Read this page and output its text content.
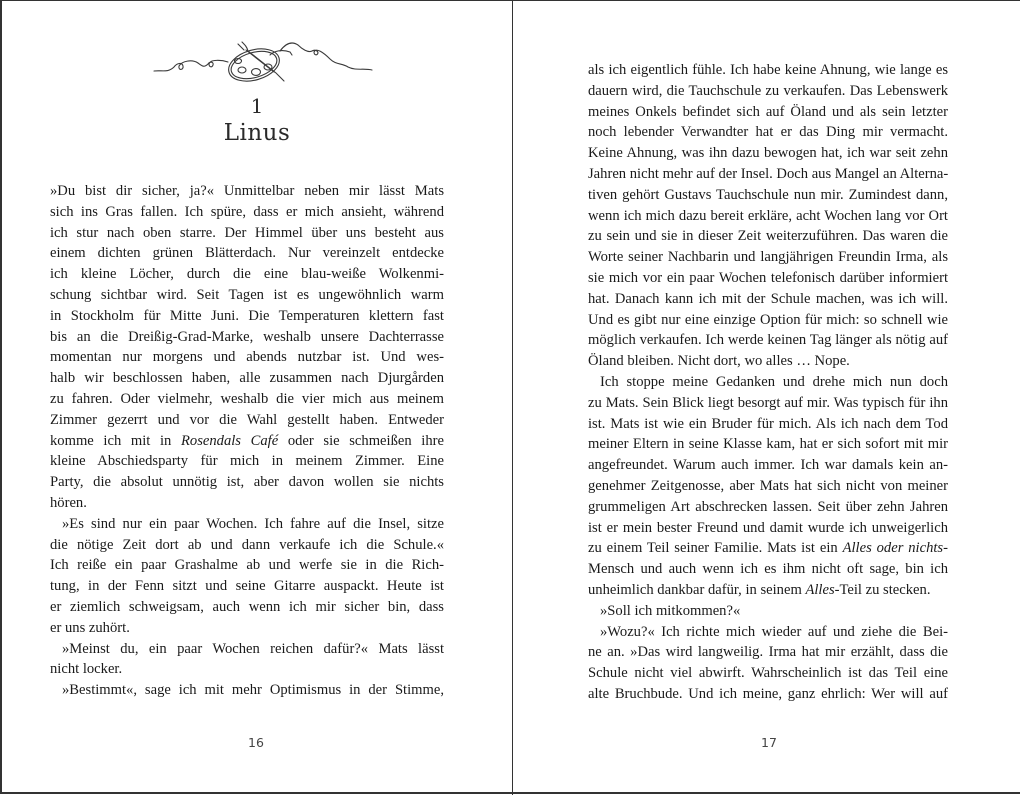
1
Linus
»Du bist dir sicher, ja?« Unmittelbar neben mir lässt Mats
sich ins Gras fallen. Ich spüre, dass er mich ansieht, während
ich stur nach oben starre. Der Himmel über uns besteht aus
einem dichten grünen Blätterdach. Nur vereinzelt entdecke
ich kleine Löcher, durch die eine blau-weiße Wolkenmi-
schung sichtbar wird. Seit Tagen ist es ungewöhnlich warm
in Stockholm für Mitte Juni. Die Temperaturen klettern fast
bis an die Dreißig-Grad-Marke, weshalb unsere Dachterrasse
momentan nur morgens und abends nutzbar ist. Und wes-
halb wir beschlossen haben, alle zusammen nach Djurgården
zu fahren. Oder vielmehr, weshalb die vier mich aus meinem
Zimmer gezerrt und vor die Wahl gestellt haben. Entweder
komme ich mit in Rosendals Café oder sie schmeißen ihre
kleine Abschiedsparty für mich in meinem Zimmer. Eine
Party, die absolut unnötig ist, aber davon wollen sie nichts
hören.
»Es sind nur ein paar Wochen. Ich fahre auf die Insel, sitze
die nötige Zeit dort ab und dann verkaufe ich die Schule.«
Ich reiße ein paar Grashalme ab und werfe sie in die Rich-
tung, in der Fenn sitzt und seine Gitarre auspackt. Heute ist
er ziemlich schweigsam, auch wenn ich mir sicher bin, dass
er uns zuhört.
»Meinst du, ein paar Wochen reichen dafür?« Mats lässt
nicht locker.
»Bestimmt«, sage ich mit mehr Optimismus in der Stimme,
16
als ich eigentlich fühle. Ich habe keine Ahnung, wie lange es
dauern wird, die Tauchschule zu verkaufen. Das Lebenswerk
meines Onkels befindet sich auf Öland und als sein letzter
noch lebender Verwandter hat er das Ding mir vermacht.
Keine Ahnung, was ihn dazu bewogen hat, ich war seit zehn
Jahren nicht mehr auf der Insel. Doch aus Mangel an Alterna-
tiven gehört Gustavs Tauchschule nun mir. Zumindest dann,
wenn ich mich dazu bereit erkläre, acht Wochen lang vor Ort
zu sein und sie in dieser Zeit weiterzuführen. Das waren die
Worte seiner Nachbarin und langjährigen Freundin Irma, als
sie mich vor ein paar Wochen telefonisch darüber informiert
hat. Danach kann ich mit der Schule machen, was ich will.
Und es gibt nur eine einzige Option für mich: so schnell wie
möglich verkaufen. Ich werde keinen Tag länger als nötig auf
Öland bleiben. Nicht dort, wo alles … Nope.
Ich stoppe meine Gedanken und drehe mich nun doch
zu Mats. Sein Blick liegt besorgt auf mir. Was typisch für ihn
ist. Mats ist wie ein Bruder für mich. Als ich nach dem Tod
meiner Eltern in seine Klasse kam, hat er sich sofort mit mir
angefreundet. Warum auch immer. Ich war damals kein an-
genehmer Zeitgenosse, aber Mats hat sich nicht von meiner
grummeligen Art abschrecken lassen. Seit über zehn Jahren
ist er mein bester Freund und damit wurde ich unweigerlich
zu einem Teil seiner Familie. Mats ist ein Alles oder nichts-
Mensch und auch wenn ich es ihm nicht oft sage, bin ich
unheimlich dankbar dafür, in seinem Alles-Teil zu stecken.
»Soll ich mitkommen?«
»Wozu?« Ich richte mich wieder auf und ziehe die Bei-
ne an. »Das wird langweilig. Irma hat mir erzählt, dass die
Schule nicht viel abwirft. Wahrscheinlich ist das Teil eine
alte Bruchbude. Und ich meine, ganz ehrlich: Wer will auf
17
